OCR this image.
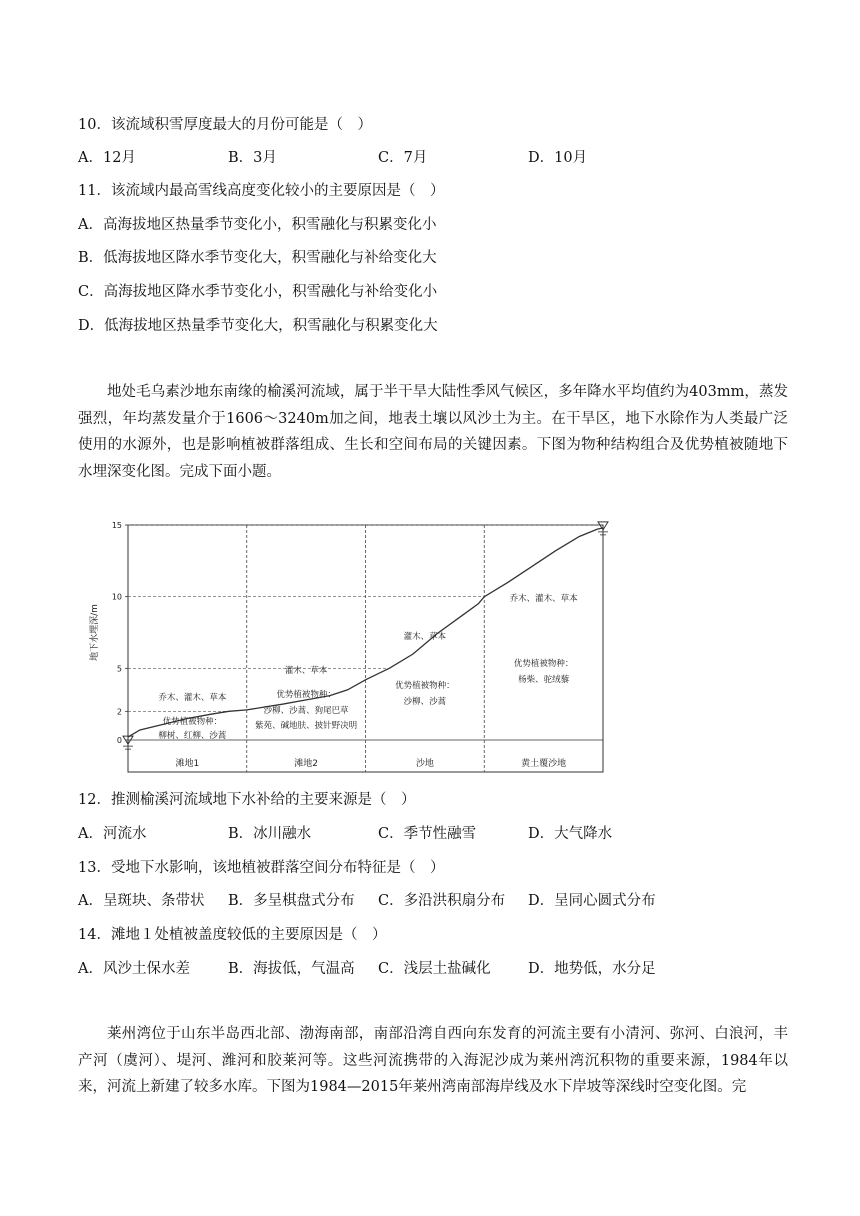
10．该流域积雪厚度最大的月份可能是（　）
A．12月	B．3月	C．7月	D．10月
11．该流域内最高雪线高度变化较小的主要原因是（　）
A．高海拔地区热量季节变化小，积雪融化与积累变化小
B．低海拔地区降水季节变化大，积雪融化与补给变化大
C．高海拔地区降水季节变化小，积雪融化与补给变化小
D．低海拔地区热量季节变化大，积雪融化与积累变化大
地处毛乌素沙地东南缘的榆溪河流域，属于半干旱大陆性季风气候区，多年降水平均值约为403mm，蒸发强烈，年均蒸发量介于1606～3240m加之间，地表土壤以风沙土为主。在干旱区，地下水除作为人类最广泛使用的水源外，也是影响植被群落组成、生长和空间布局的关键因素。下图为物种结构组合及优势植被随地下水埋深变化图。完成下面小题。
0
2
5
10
15
地下水埋深/m
滩地1	滩地2	沙地	黄土覆沙地
乔木、灌木、草本
优势植被物种：
柳树、红柳、沙蒿
灌木、草本
优势植被物种：
沙柳、沙蒿、狗尾巴草
紫苑、碱地肤、披针野决明
灌木、草本
优势植被物种：
沙柳、沙蒿
乔木、灌木、草本
优势植被物种：
杨柴、驼绒藜
12．推测榆溪河流域地下水补给的主要来源是（　）
A．河流水	B．冰川融水	C．季节性融雪	D．大气降水
13．受地下水影响，该地植被群落空间分布特征是（　）
A．呈斑块、条带状 B．多呈棋盘式分布 C．多沿洪积扇分布 D．呈同心圆式分布
14．滩地１处植被盖度较低的主要原因是（　）
A．风沙土保水差	B．海拔低，气温高 C．浅层土盐碱化	D．地势低，水分足
莱州湾位于山东半岛西北部、渤海南部，南部沿湾自西向东发育的河流主要有小清河、弥河、白浪河，丰产河（虞河）、堤河、潍河和胶莱河等。这些河流携带的入海泥沙成为莱州湾沉积物的重要来源，1984年以来，河流上新建了较多水库。下图为1984—2015年莱州湾南部海岸线及水下岸坡等深线时空变化图。完
